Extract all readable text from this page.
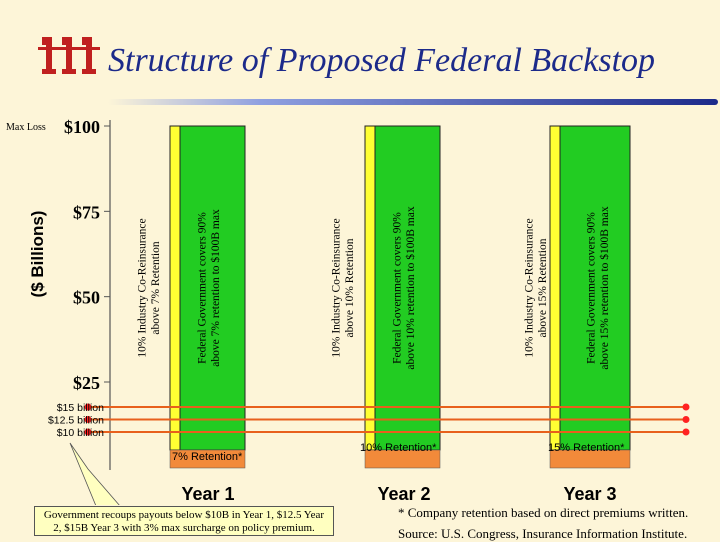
Structure of Proposed Federal Backstop
10% Industry Co-Reinsuranceabove 7% Retention	Federal Government covers 90%above 7% retention to $100B max
7% Retention*
Year 1
10% Industry Co-Reinsuranceabove 10% Retention	Federal Government covers 90%above 10% retention to $100B max
10% Retention*
Year 2
10% Industry Co-Reinsuranceabove 15% Retention	Federal Government covers 90%above 15% retention to $100B max
15% Retention*
Year 3
$100
$75
$50
$25
Max Loss
($ Billions)
$15 billion
$12.5 billion
$10 billion
Government recoups payouts below $10B in Year 1, $12.5 Year 2, $15B Year 3 with 3% max surcharge on policy premium.
* Company retention based on direct premiums written.
Source: U.S. Congress, Insurance Information Institute.
